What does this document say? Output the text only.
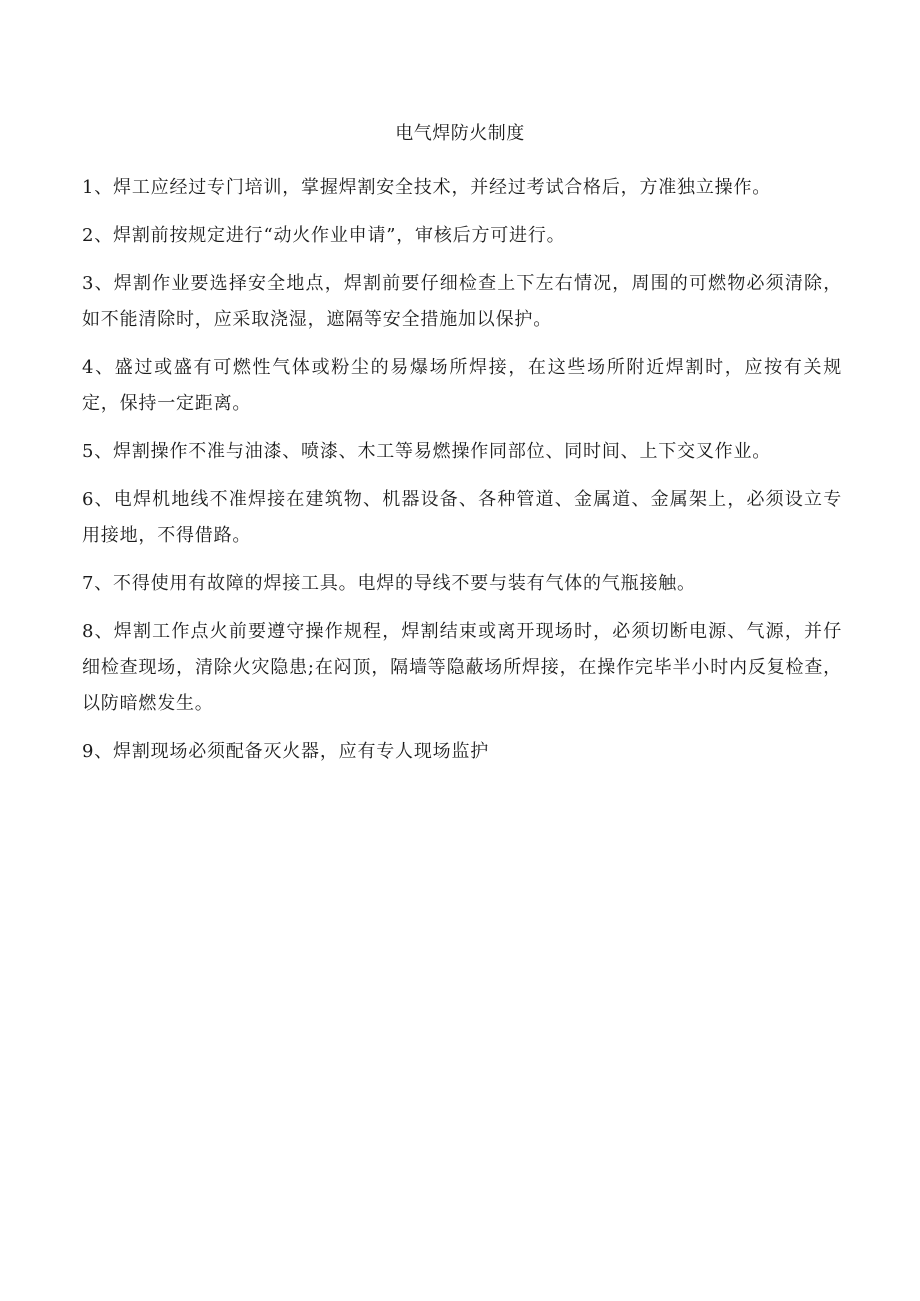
电气焊防火制度

1、焊工应经过专门培训，掌握焊割安全技术，并经过考试合格后，方准独立操作。

2、焊割前按规定进行“动火作业申请”，审核后方可进行。

3、焊割作业要选择安全地点，焊割前要仔细检查上下左右情况，周围的可燃物必须清除，如不能清除时，应采取浇湿，遮隔等安全措施加以保护。

4、盛过或盛有可燃性气体或粉尘的易爆场所焊接，在这些场所附近焊割时，应按有关规定，保持一定距离。

5、焊割操作不准与油漆、喷漆、木工等易燃操作同部位、同时间、上下交叉作业。

6、电焊机地线不准焊接在建筑物、机器设备、各种管道、金属道、金属架上，必须设立专用接地，不得借路。

7、不得使用有故障的焊接工具。电焊的导线不要与装有气体的气瓶接触。

8、焊割工作点火前要遵守操作规程，焊割结束或离开现场时，必须切断电源、气源，并仔细检查现场，清除火灾隐患;在闷顶，隔墙等隐蔽场所焊接，在操作完毕半小时内反复检查，以防暗燃发生。

9、焊割现场必须配备灭火器，应有专人现场监护
